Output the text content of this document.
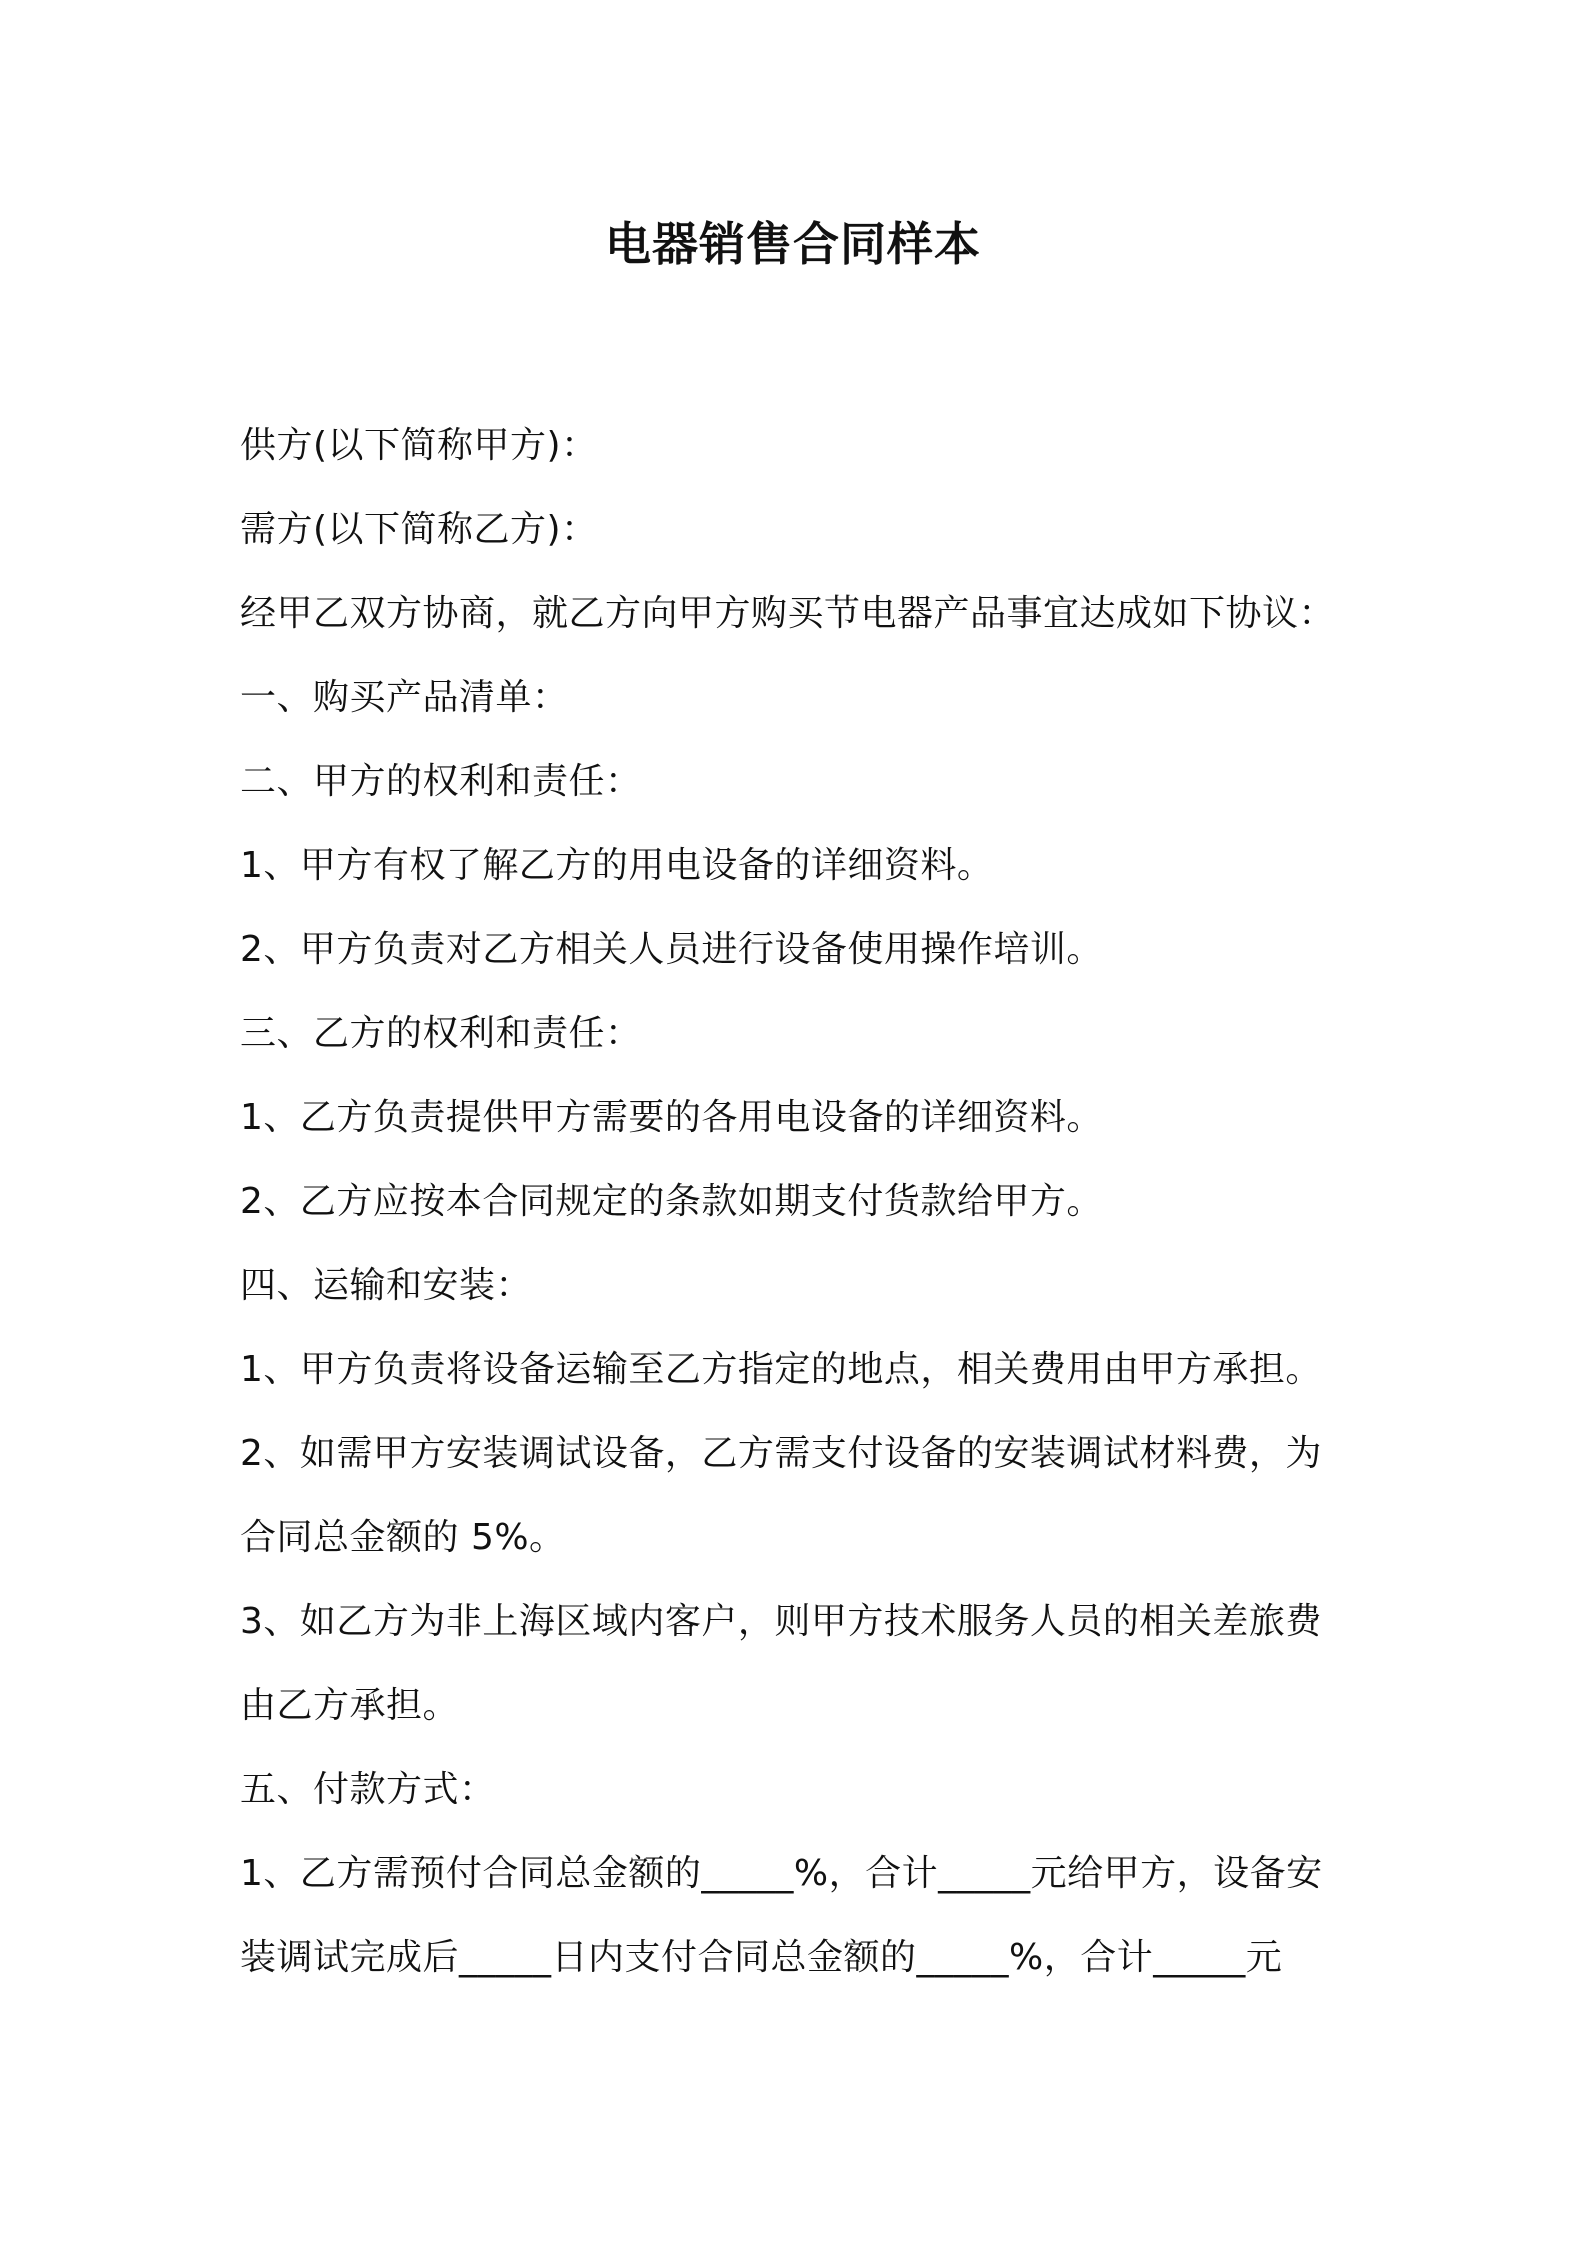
电器销售合同样本
供方(以下简称甲方)：
需方(以下简称乙方)：
经甲乙双方协商，就乙方向甲方购买节电器产品事宜达成如下协议：
一、购买产品清单：
二、甲方的权利和责任：
1、甲方有权了解乙方的用电设备的详细资料。
2、甲方负责对乙方相关人员进行设备使用操作培训。
三、乙方的权利和责任：
1、乙方负责提供甲方需要的各用电设备的详细资料。
2、乙方应按本合同规定的条款如期支付货款给甲方。
四、运输和安装：
1、甲方负责将设备运输至乙方指定的地点，相关费用由甲方承担。
2、如需甲方安装调试设备，乙方需支付设备的安装调试材料费，为
合同总金额的 5%。
3、如乙方为非上海区域内客户，则甲方技术服务人员的相关差旅费
由乙方承担。
五、付款方式：
1、乙方需预付合同总金额的_____%，合计_____元给甲方，设备安
装调试完成后_____日内支付合同总金额的_____%，合计_____元
